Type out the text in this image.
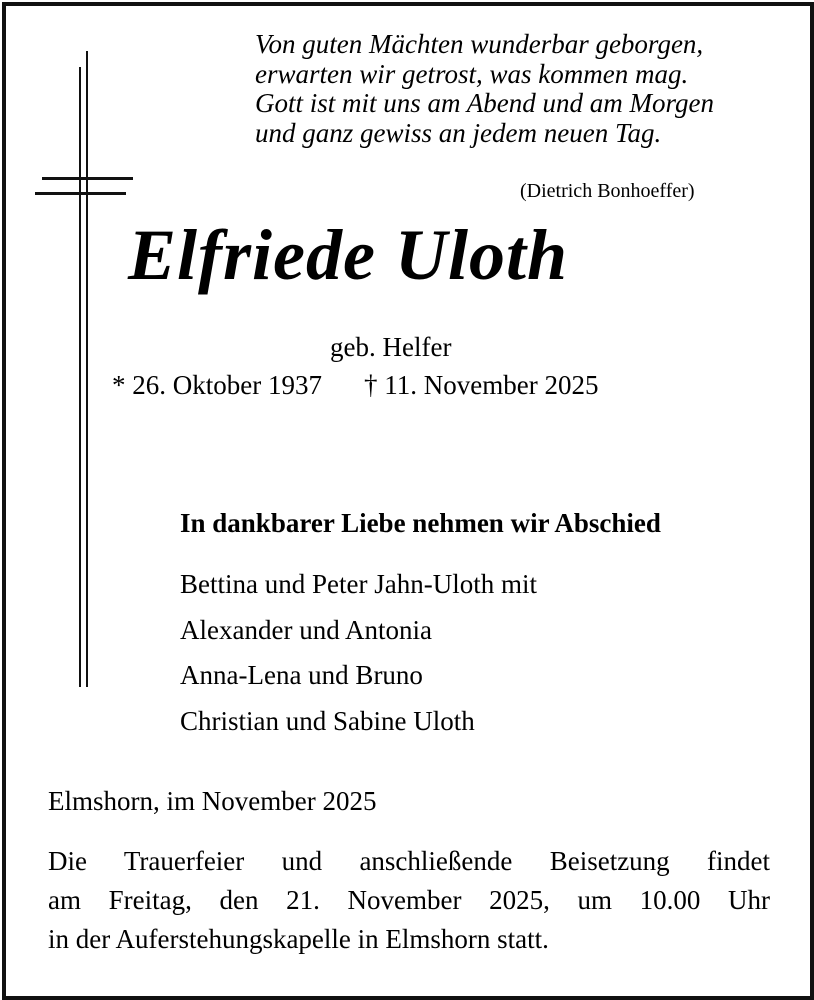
Von guten Mächten wunderbar geborgen,
erwarten wir getrost, was kommen mag.
Gott ist mit uns am Abend und am Morgen
und ganz gewiss an jedem neuen Tag.
(Dietrich Bonhoeffer)
Elfriede Uloth
geb. Helfer
* 26. Oktober 1937 † 11. November 2025
In dankbarer Liebe nehmen wir Abschied
Bettina und Peter Jahn-Uloth mit
Alexander und Antonia
Anna-Lena und Bruno
Christian und Sabine Uloth
Elmshorn, im November 2025
Die Trauerfeier und anschließende Beisetzung findet
am Freitag, den 21. November 2025, um 10.00 Uhr
in der Auferstehungskapelle in Elmshorn statt.
